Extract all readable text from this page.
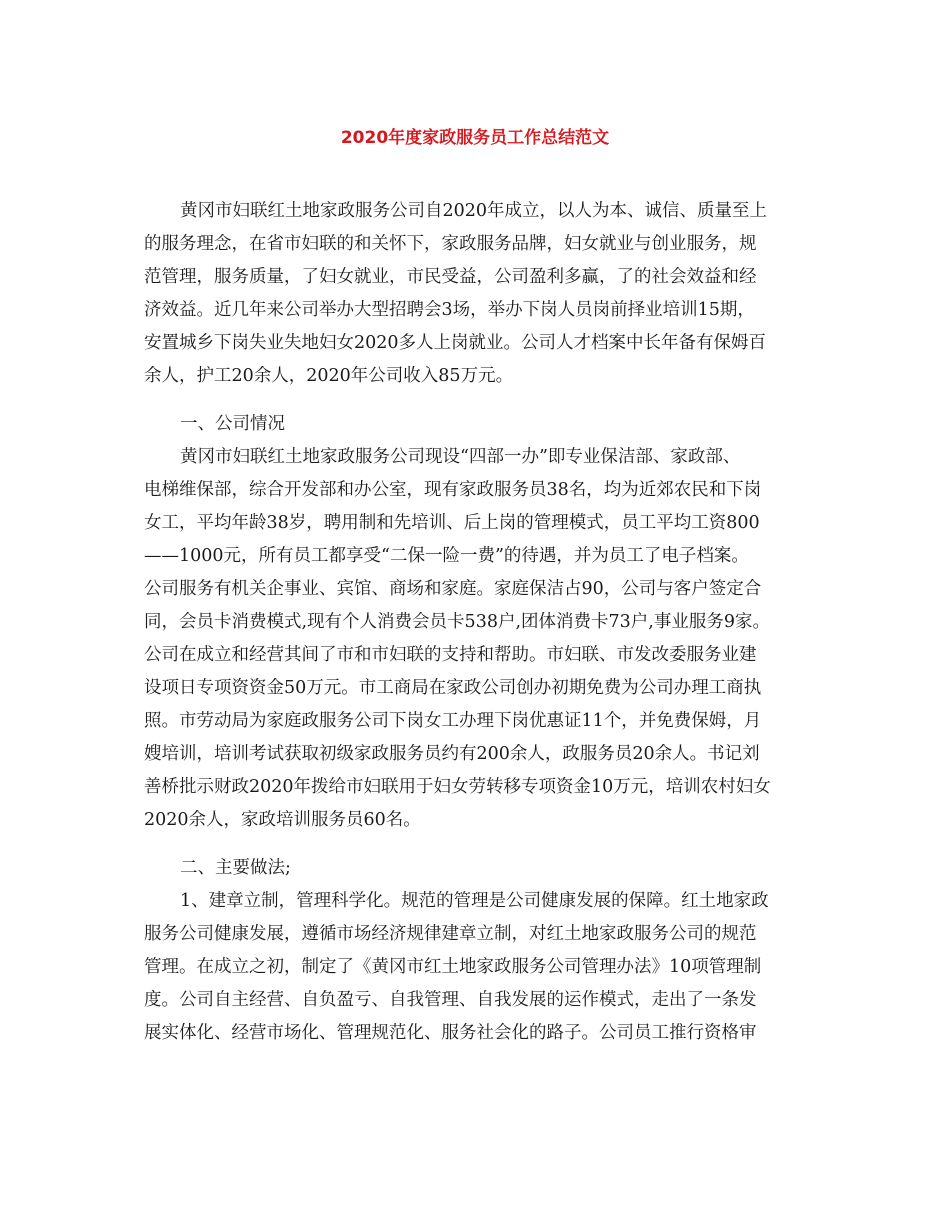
2020年度家政服务员工作总结范文
黄冈市妇联红土地家政服务公司自2020年成立，以人为本、诚信、质量至上
的服务理念，在省市妇联的和关怀下，家政服务品牌，妇女就业与创业服务，规
范管理，服务质量，了妇女就业，市民受益，公司盈利多赢，了的社会效益和经
济效益。近几年来公司举办大型招聘会3场，举办下岗人员岗前择业培训15期，
安置城乡下岗失业失地妇女2020多人上岗就业。公司人才档案中长年备有保姆百
余人，护工20余人，2020年公司收入85万元。
一、公司情况
黄冈市妇联红土地家政服务公司现设“四部一办”即专业保洁部、家政部、
电梯维保部，综合开发部和办公室，现有家政服务员38名，均为近郊农民和下岗
女工，平均年龄38岁，聘用制和先培训、后上岗的管理模式，员工平均工资800
——1000元，所有员工都享受“二保一险一费”的待遇，并为员工了电子档案。
公司服务有机关企事业、宾馆、商场和家庭。家庭保洁占90，公司与客户签定合
同，会员卡消费模式,现有个人消费会员卡538户,团体消费卡73户,事业服务9家。
公司在成立和经营其间了市和市妇联的支持和帮助。市妇联、市发改委服务业建
设项日专项资资金50万元。市工商局在家政公司创办初期免费为公司办理工商执
照。市劳动局为家庭政服务公司下岗女工办理下岗优惠证11个，并免费保姆，月
嫂培训，培训考试获取初级家政服务员约有200余人，政服务员20余人。书记刘
善桥批示财政2020年拨给市妇联用于妇女劳转移专项资金10万元，培训农村妇女
2020余人，家政培训服务员60名。
二、主要做法;
1、建章立制，管理科学化。规范的管理是公司健康发展的保障。红土地家政
服务公司健康发展，遵循市场经济规律建章立制，对红土地家政服务公司的规范
管理。在成立之初，制定了《黄冈市红土地家政服务公司管理办法》10项管理制
度。公司自主经营、自负盈亏、自我管理、自我发展的运作模式，走出了一条发
展实体化、经营市场化、管理规范化、服务社会化的路子。公司员工推行资格审
